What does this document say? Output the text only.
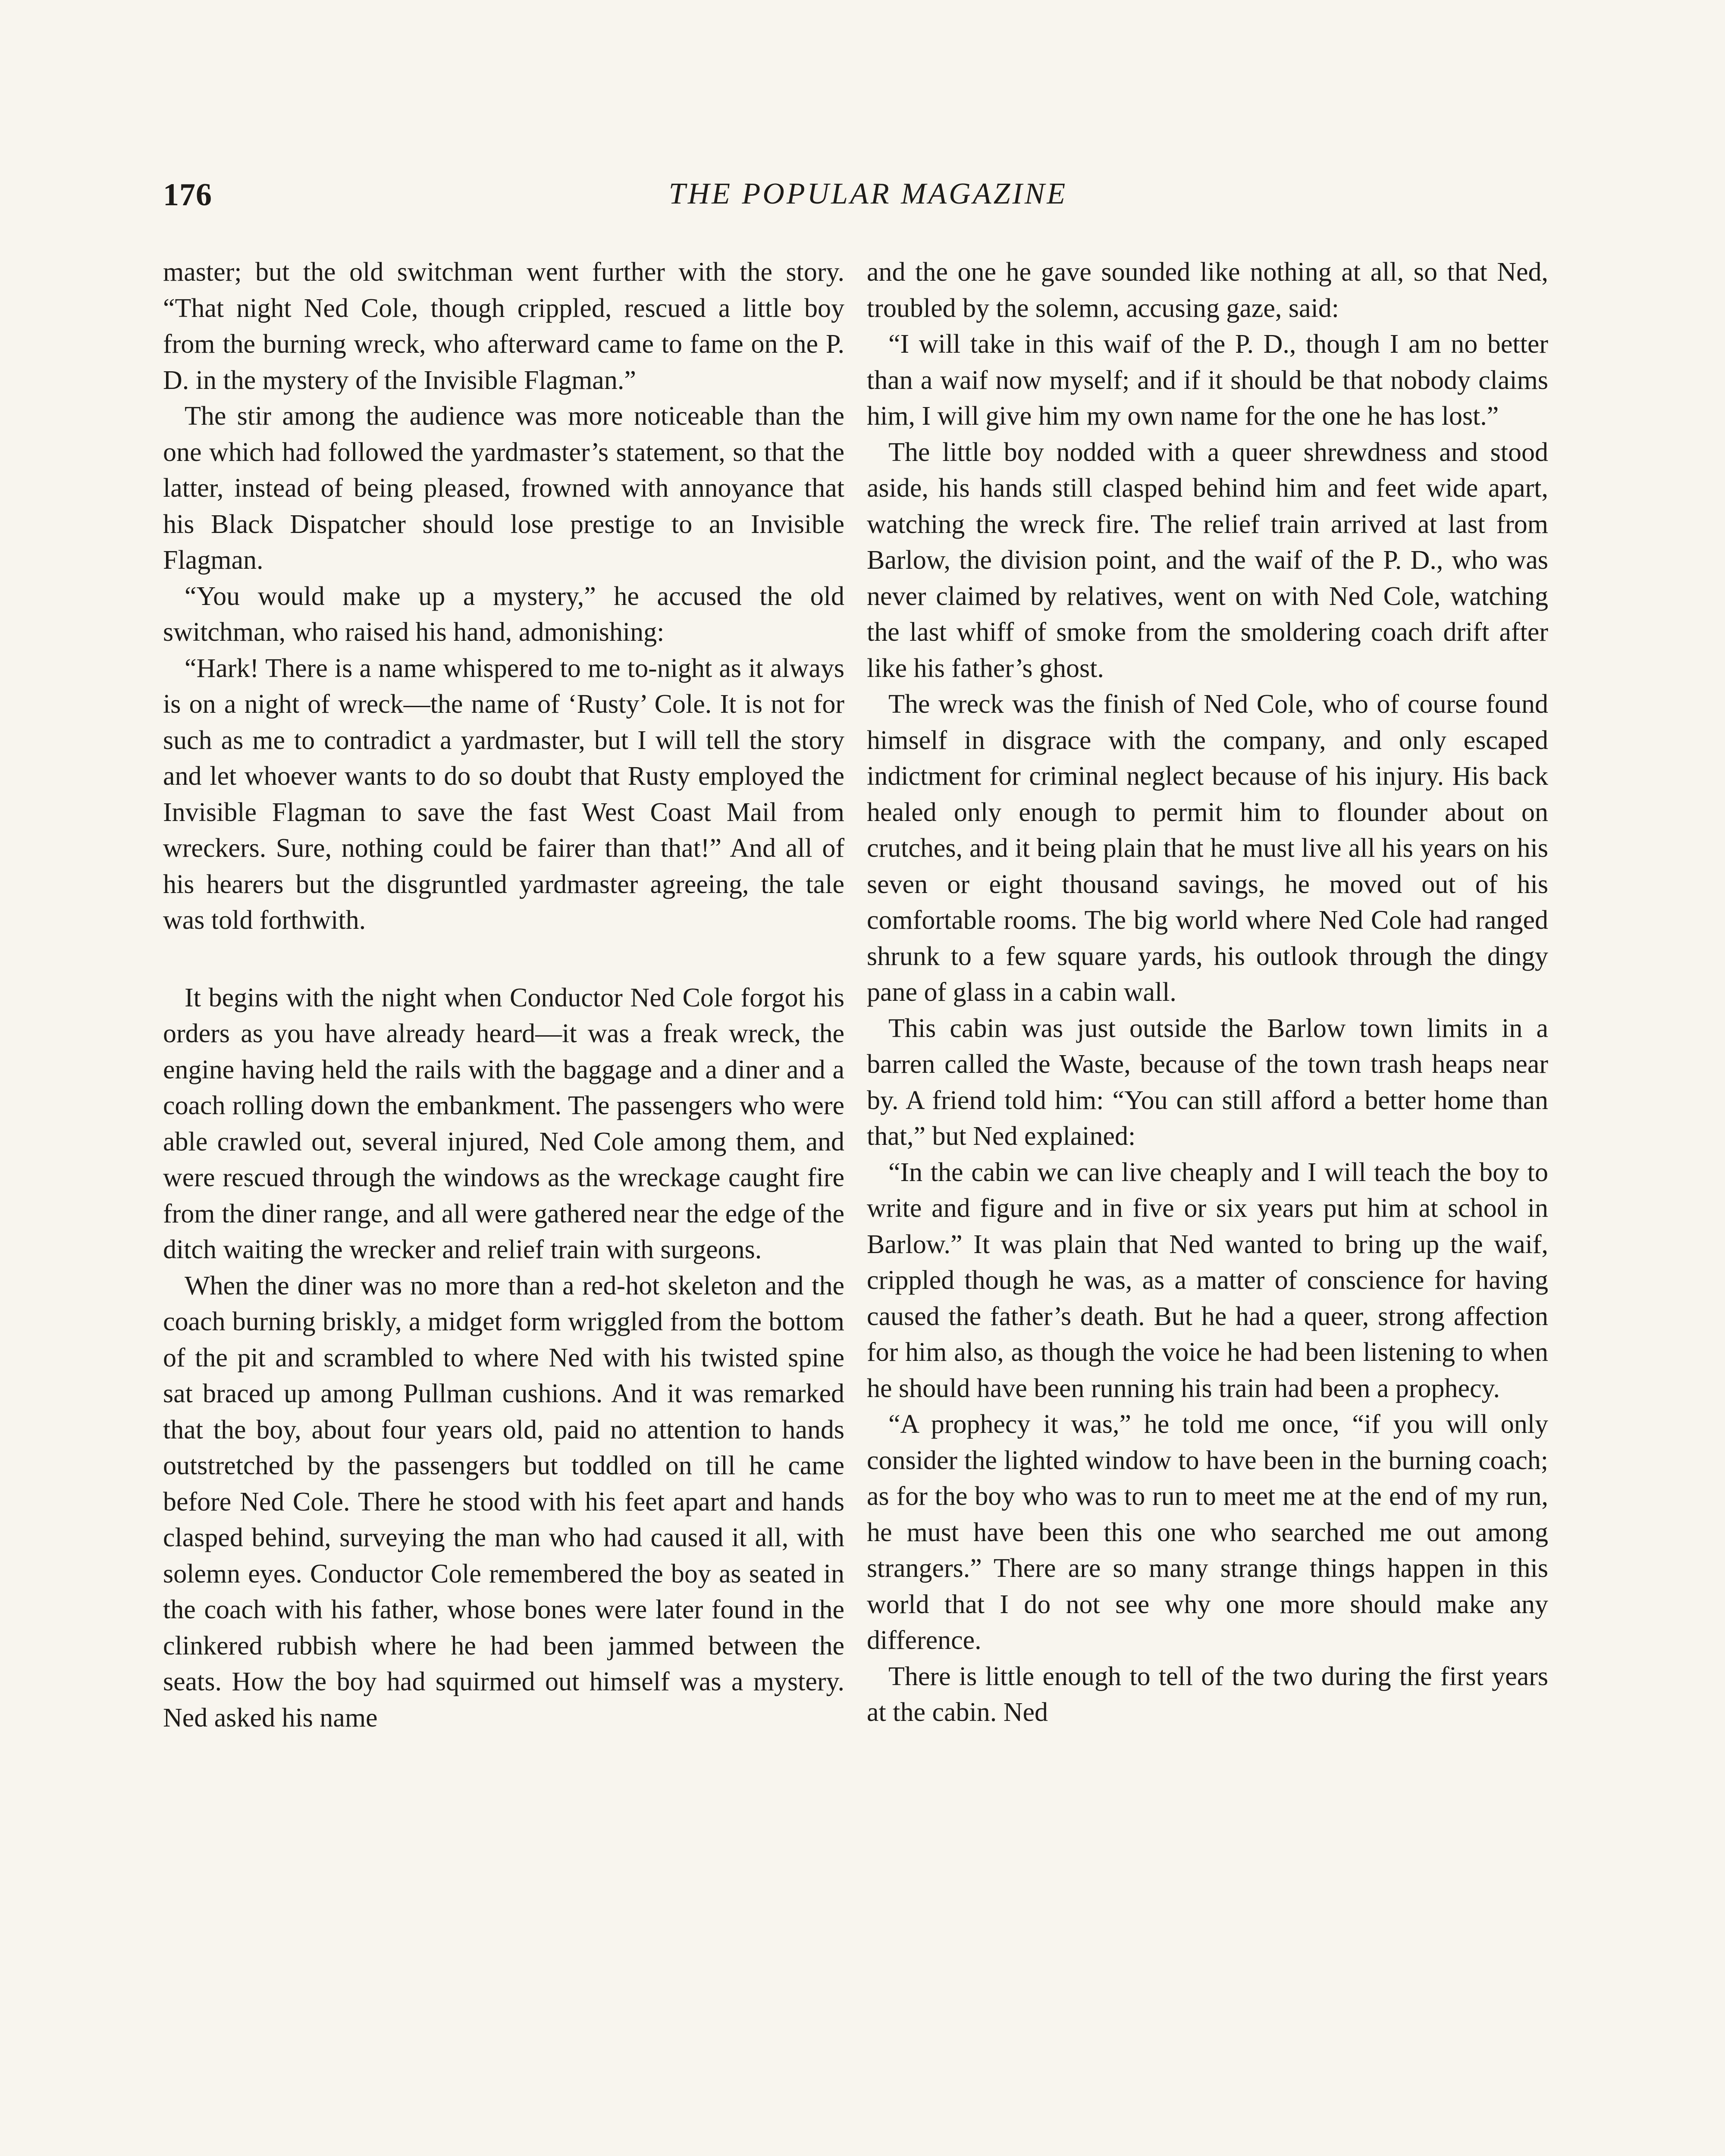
176	THE POPULAR MAGAZINE

master; but the old switchman went further with the story. “That night Ned Cole, though crippled, rescued a little boy from the burning wreck, who afterward came to fame on the P. D. in the mystery of the Invisible Flagman.”

The stir among the audience was more noticeable than the one which had followed the yardmaster’s statement, so that the latter, instead of being pleased, frowned with annoyance that his Black Dispatcher should lose prestige to an Invisible Flagman.

“You would make up a mystery,” he accused the old switchman, who raised his hand, admonishing:

“Hark! There is a name whispered to me to-night as it always is on a night of wreck—the name of ‘Rusty’ Cole. It is not for such as me to contradict a yardmaster, but I will tell the story and let whoever wants to do so doubt that Rusty employed the Invisible Flagman to save the fast West Coast Mail from wreckers. Sure, nothing could be fairer than that!” And all of his hearers but the disgruntled yardmaster agreeing, the tale was told forthwith.

It begins with the night when Conductor Ned Cole forgot his orders as you have already heard—it was a freak wreck, the engine having held the rails with the baggage and a diner and a coach rolling down the embankment. The passengers who were able crawled out, several injured, Ned Cole among them, and were rescued through the windows as the wreckage caught fire from the diner range, and all were gathered near the edge of the ditch waiting the wrecker and relief train with surgeons.

When the diner was no more than a red-hot skeleton and the coach burning briskly, a midget form wriggled from the bottom of the pit and scrambled to where Ned with his twisted spine sat braced up among Pullman cushions. And it was remarked that the boy, about four years old, paid no attention to hands outstretched by the passengers but toddled on till he came before Ned Cole. There he stood with his feet apart and hands clasped behind, surveying the man who had caused it all, with solemn eyes. Conductor Cole remembered the boy as seated in the coach with his father, whose bones were later found in the clinkered rubbish where he had been jammed between the seats. How the boy had squirmed out himself was a mystery. Ned asked his name

and the one he gave sounded like nothing at all, so that Ned, troubled by the solemn, accusing gaze, said:

“I will take in this waif of the P. D., though I am no better than a waif now myself; and if it should be that nobody claims him, I will give him my own name for the one he has lost.”

The little boy nodded with a queer shrewdness and stood aside, his hands still clasped behind him and feet wide apart, watching the wreck fire. The relief train arrived at last from Barlow, the division point, and the waif of the P. D., who was never claimed by relatives, went on with Ned Cole, watching the last whiff of smoke from the smoldering coach drift after like his father’s ghost.

The wreck was the finish of Ned Cole, who of course found himself in disgrace with the company, and only escaped indictment for criminal neglect because of his injury. His back healed only enough to permit him to flounder about on crutches, and it being plain that he must live all his years on his seven or eight thousand savings, he moved out of his comfortable rooms. The big world where Ned Cole had ranged shrunk to a few square yards, his outlook through the dingy pane of glass in a cabin wall.

This cabin was just outside the Barlow town limits in a barren called the Waste, because of the town trash heaps near by. A friend told him: “You can still afford a better home than that,” but Ned explained:

“In the cabin we can live cheaply and I will teach the boy to write and figure and in five or six years put him at school in Barlow.” It was plain that Ned wanted to bring up the waif, crippled though he was, as a matter of conscience for having caused the father’s death. But he had a queer, strong affection for him also, as though the voice he had been listening to when he should have been running his train had been a prophecy.

“A prophecy it was,” he told me once, “if you will only consider the lighted window to have been in the burning coach; as for the boy who was to run to meet me at the end of my run, he must have been this one who searched me out among strangers.” There are so many strange things happen in this world that I do not see why one more should make any difference.

There is little enough to tell of the two during the first years at the cabin. Ned
